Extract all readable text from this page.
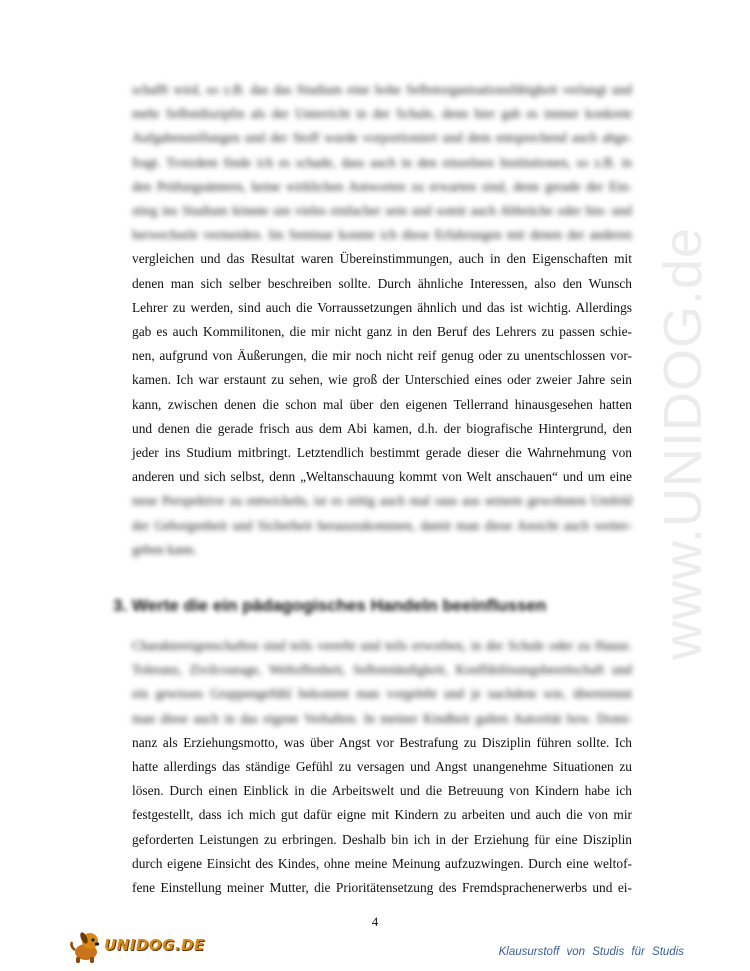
www.UNIDOG.de
schafft wird, so z.B. das das Studium eine hohe Selbstorganisationsfähigkeit verlangt und
mehr Selbstdisziplin als der Unterricht in der Schule, denn hier gab es immer konkrete
Aufgabenstellungen und der Stoff wurde vorportioniert und dem entsprechend auch abge-
fragt. Trotzdem finde ich es schade, dass auch in den einzelnen Institutionen, so z.B. in
den Prüfungsämtern, keine wirklichen Antworten zu erwarten sind, denn gerade der Ein-
stieg ins Studium könnte um vieles einfacher sein und somit auch Abbrüche oder hin- und
herwechsele vermeiden. Im Seminar konnte ich diese Erfahrungen mit denen der anderen
vergleichen und das Resultat waren Übereinstimmungen, auch in den Eigenschaften mit
denen man sich selber beschreiben sollte. Durch ähnliche Interessen, also den Wunsch
Lehrer zu werden, sind auch die Vorraussetzungen ähnlich und das ist wichtig. Allerdings
gab es auch Kommilitonen, die mir nicht ganz in den Beruf des Lehrers zu passen schie-
nen, aufgrund von Äußerungen, die mir noch nicht reif genug oder zu unentschlossen vor-
kamen. Ich war erstaunt zu sehen, wie groß der Unterschied eines oder zweier Jahre sein
kann, zwischen denen die schon mal über den eigenen Tellerrand hinausgesehen hatten
und denen die gerade frisch aus dem Abi kamen, d.h. der biografische Hintergrund, den
jeder ins Studium mitbringt. Letztendlich bestimmt gerade dieser die Wahrnehmung von
anderen und sich selbst, denn „Weltanschauung kommt von Welt anschauen“ und um eine
neue Perspektive zu entwickeln, ist es nötig auch mal raus aus seinem gewohnten Umfeld
der Geborgenheit und Sicherheit herauszukommen, damit man diese Ansicht auch weiter-
geben kann.
3. Werte die ein pädagogisches Handeln beeinflussen
Charaktereigenschaften sind teils vererbt und teils erworben, in der Schule oder zu Hause.
Toleranz, Zivilcourage, Weltoffenheit, Selbstständigkeit, Konfliktlösungsbereitschaft und
ein gewisses Gruppengefühl bekommt man vorgelebt und je nachdem wie, übernimmt
man diese auch in das eigene Verhalten. In meiner Kindheit galten Autorität bzw. Domi-
nanz als Erziehungsmotto, was über Angst vor Bestrafung zu Disziplin führen sollte. Ich
hatte allerdings das ständige Gefühl zu versagen und Angst unangenehme Situationen zu
lösen. Durch einen Einblick in die Arbeitswelt und die Betreuung von Kindern habe ich
festgestellt, dass ich mich gut dafür eigne mit Kindern zu arbeiten und auch die von mir
geforderten Leistungen zu erbringen. Deshalb bin ich in der Erziehung für eine Disziplin
durch eigene Einsicht des Kindes, ohne meine Meinung aufzuzwingen. Durch eine weltof-
fene Einstellung meiner Mutter, die Prioritätensetzung des Fremdsprachenerwerbs und ei-
4
UNIDOG.DE	Klausurstoff von Studis für Studis
